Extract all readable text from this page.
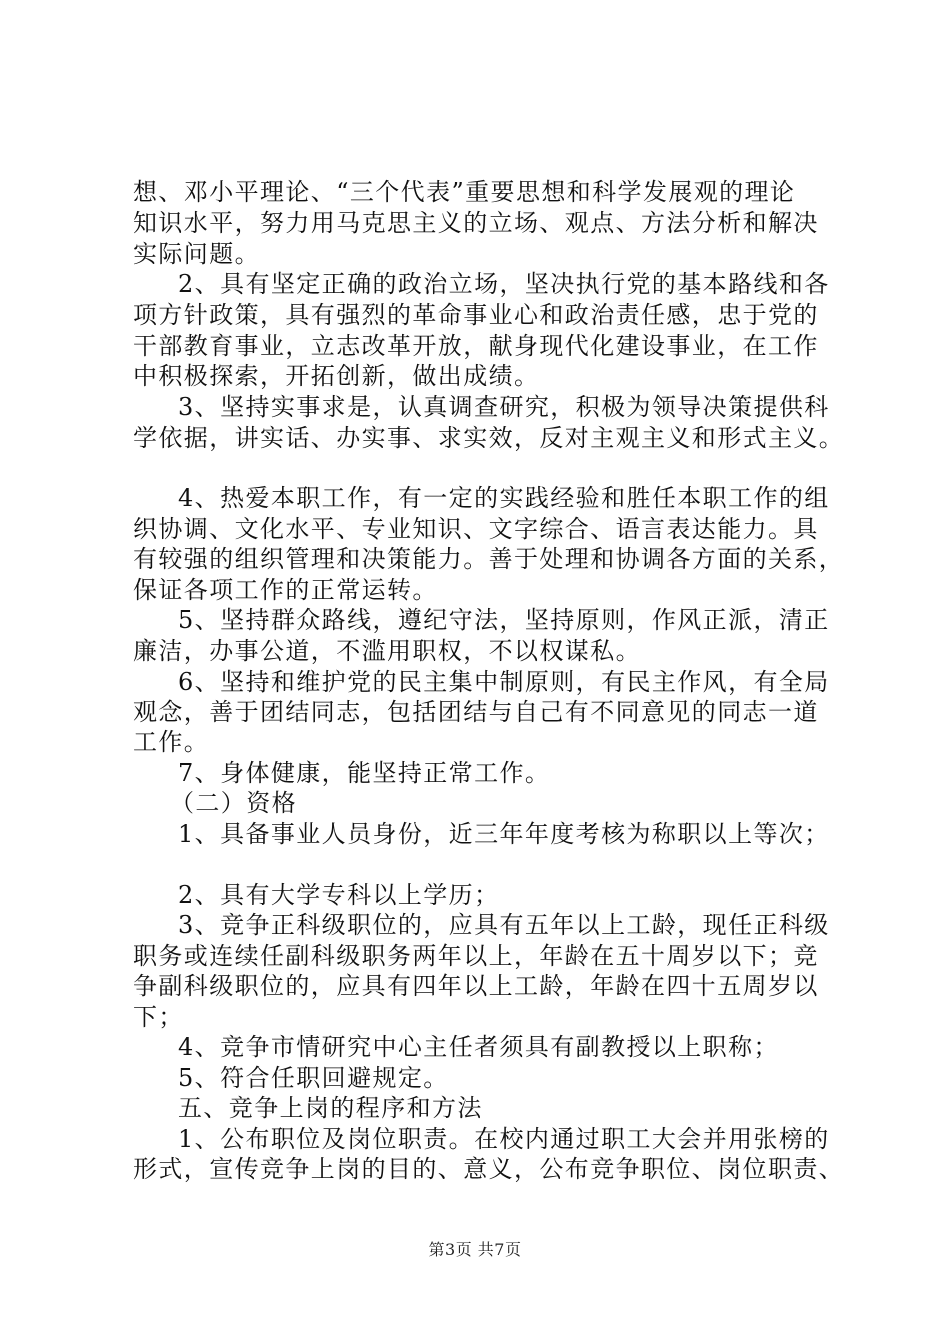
想、邓小平理论、“三个代表”重要思想和科学发展观的理论
知识水平，努力用马克思主义的立场、观点、方法分析和解决
实际问题。
2、具有坚定正确的政治立场，坚决执行党的基本路线和各
项方针政策，具有强烈的革命事业心和政治责任感，忠于党的
干部教育事业，立志改革开放，献身现代化建设事业，在工作
中积极探索，开拓创新，做出成绩。
3、坚持实事求是，认真调查研究，积极为领导决策提供科
学依据，讲实话、办实事、求实效，反对主观主义和形式主义。
4、热爱本职工作，有一定的实践经验和胜任本职工作的组
织协调、文化水平、专业知识、文字综合、语言表达能力。具
有较强的组织管理和决策能力。善于处理和协调各方面的关系，
保证各项工作的正常运转。
5、坚持群众路线，遵纪守法，坚持原则，作风正派，清正
廉洁，办事公道，不滥用职权，不以权谋私。
6、坚持和维护党的民主集中制原则，有民主作风，有全局
观念，善于团结同志，包括团结与自己有不同意见的同志一道
工作。
7、身体健康，能坚持正常工作。
（二）资格
1、具备事业人员身份，近三年年度考核为称职以上等次；
2、具有大学专科以上学历；
3、竞争正科级职位的，应具有五年以上工龄，现任正科级
职务或连续任副科级职务两年以上，年龄在五十周岁以下；竞
争副科级职位的，应具有四年以上工龄，年龄在四十五周岁以
下；
4、竞争市情研究中心主任者须具有副教授以上职称；
5、符合任职回避规定。
五、竞争上岗的程序和方法
1、公布职位及岗位职责。在校内通过职工大会并用张榜的
形式，宣传竞争上岗的目的、意义，公布竞争职位、岗位职责、
第3页 共7页
